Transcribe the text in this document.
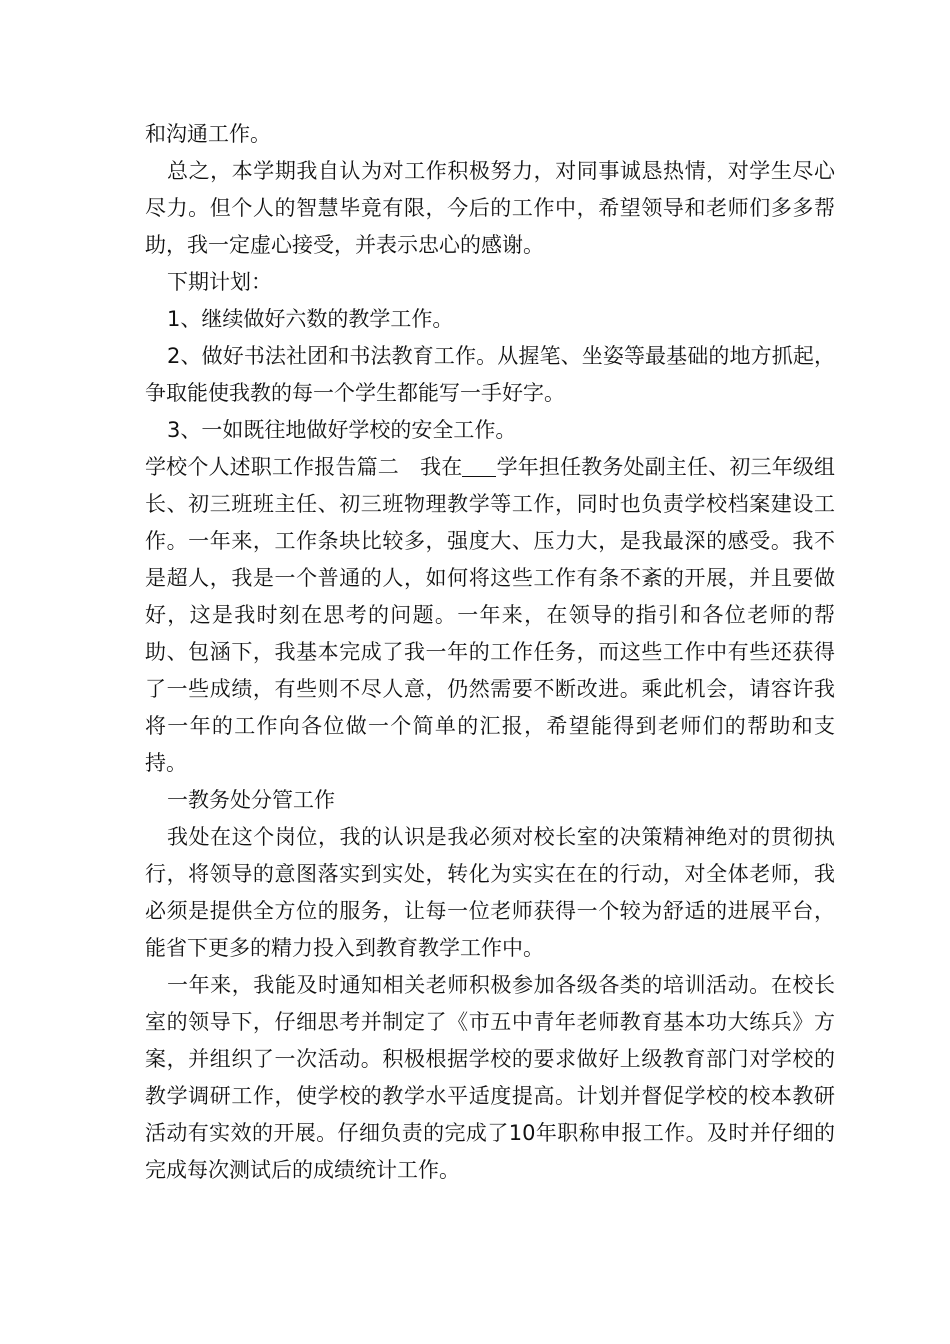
和沟通工作。

总之，本学期我自认为对工作积极努力，对同事诚恳热情，对学生尽心尽力。但个人的智慧毕竟有限，今后的工作中，希望领导和老师们多多帮助，我一定虚心接受，并表示忠心的感谢。

下期计划：

1、继续做好六数的教学工作。

2、做好书法社团和书法教育工作。从握笔、坐姿等最基础的地方抓起，争取能使我教的每一个学生都能写一手好字。

3、一如既往地做好学校的安全工作。

学校个人述职工作报告篇二　 我在 学年担任教务处副主任、初三年级组长、初三班班主任、初三班物理教学等工作，同时也负责学校档案建设工作。一年来，工作条块比较多，强度大、压力大，是我最深的感受。我不是超人，我是一个普通的人，如何将这些工作有条不紊的开展，并且要做好，这是我时刻在思考的问题。一年来，在领导的指引和各位老师的帮助、包涵下，我基本完成了我一年的工作任务，而这些工作中有些还获得了一些成绩，有些则不尽人意，仍然需要不断改进。乘此机会，请容许我将一年的工作向各位做一个简单的汇报，希望能得到老师们的帮助和支持。

一教务处分管工作

我处在这个岗位，我的认识是我必须对校长室的决策精神绝对的贯彻执行，将领导的意图落实到实处，转化为实实在在的行动，对全体老师，我必须是提供全方位的服务，让每一位老师获得一个较为舒适的进展平台，能省下更多的精力投入到教育教学工作中。

一年来，我能及时通知相关老师积极参加各级各类的培训活动。在校长室的领导下，仔细思考并制定了《市五中青年老师教育基本功大练兵》方案，并组织了一次活动。积极根据学校的要求做好上级教育部门对学校的教学调研工作，使学校的教学水平适度提高。计划并督促学校的校本教研活动有实效的开展。仔细负责的完成了10年职称申报工作。及时并仔细的完成每次测试后的成绩统计工作。
